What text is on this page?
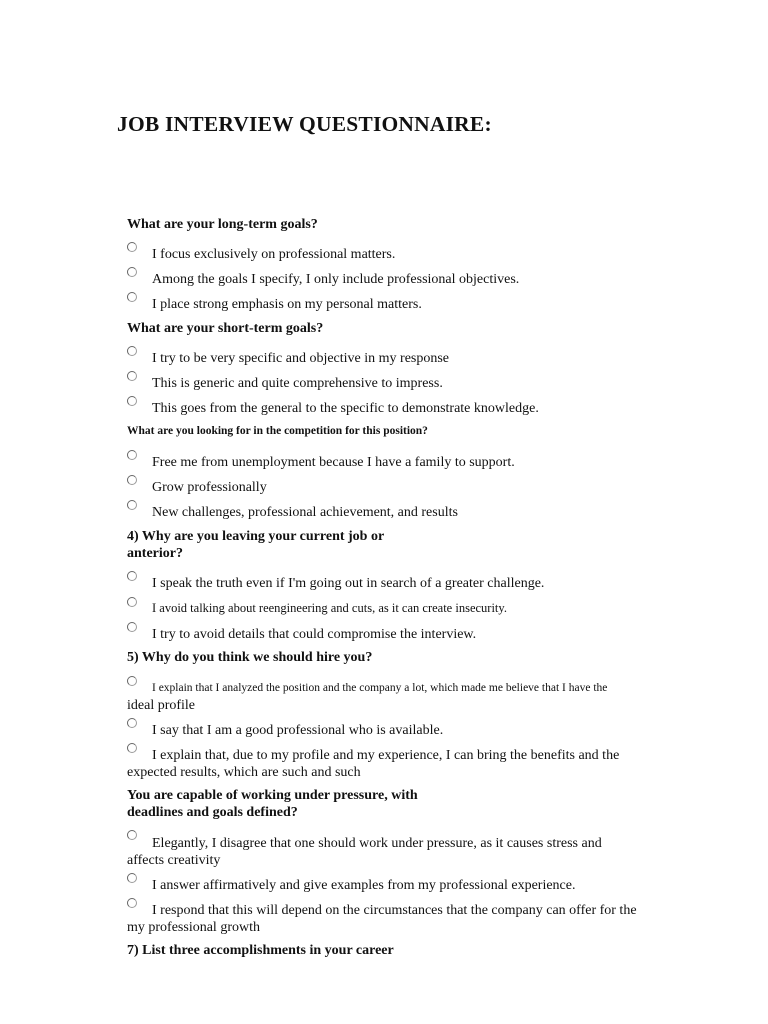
JOB INTERVIEW QUESTIONNAIRE:
What are your long-term goals?
I focus exclusively on professional matters.
Among the goals I specify, I only include professional objectives.
I place strong emphasis on my personal matters.
What are your short-term goals?
I try to be very specific and objective in my response
This is generic and quite comprehensive to impress.
This goes from the general to the specific to demonstrate knowledge.
What are you looking for in the competition for this position?
Free me from unemployment because I have a family to support.
Grow professionally
New challenges, professional achievement, and results
4) Why are you leaving your current job or
anterior?
I speak the truth even if I'm going out in search of a greater challenge.
I avoid talking about reengineering and cuts, as it can create insecurity.
I try to avoid details that could compromise the interview.
5) Why do you think we should hire you?
I explain that I analyzed the position and the company a lot, which made me believe that I have the
ideal profile
I say that I am a good professional who is available.
I explain that, due to my profile and my experience, I can bring the benefits and the
expected results, which are such and such
You are capable of working under pressure, with
deadlines and goals defined?
Elegantly, I disagree that one should work under pressure, as it causes stress and
affects creativity
I answer affirmatively and give examples from my professional experience.
I respond that this will depend on the circumstances that the company can offer for the
my professional growth
7) List three accomplishments in your career
